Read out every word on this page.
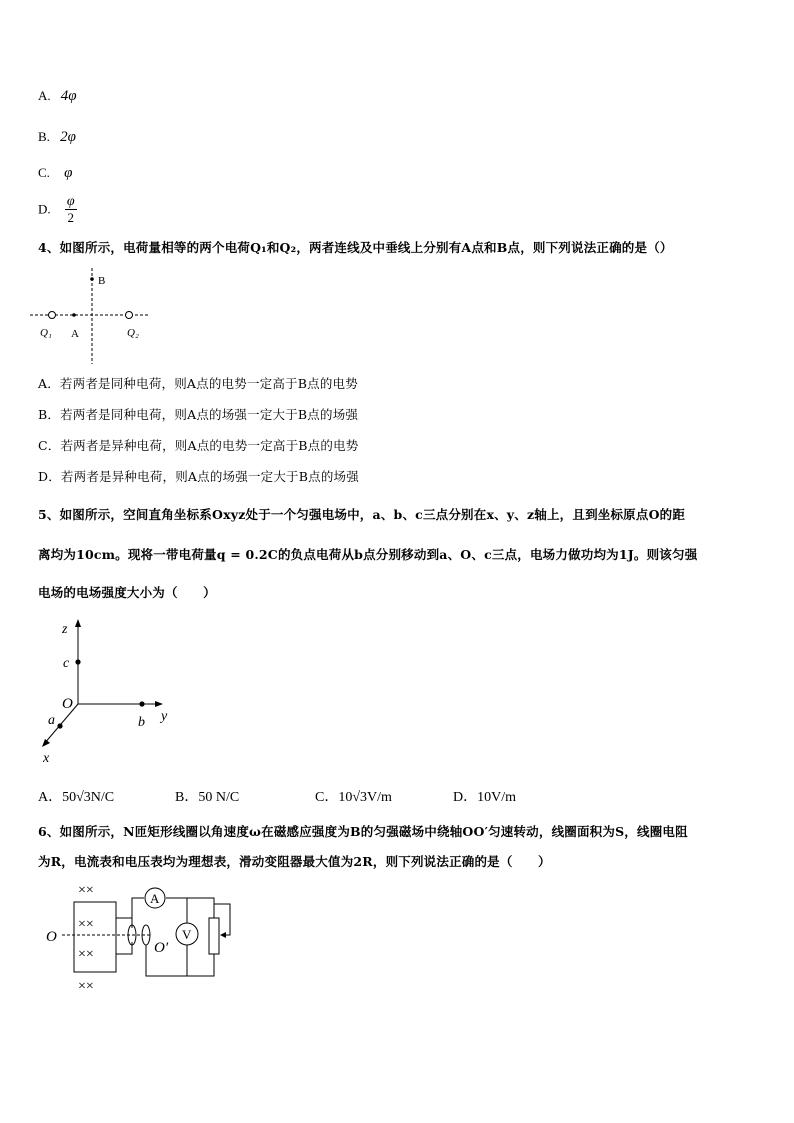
A. 4φ
B. 2φ
C. φ
D. $\frac{\varphi}{2}$
4、如图所示，电荷量相等的两个电荷Q₁和Q₂，两者连线及中垂线上分别有A点和B点，则下列说法正确的是（）
B
A
Q₁	Q₂
A．若两者是同种电荷，则A点的电势一定高于B点的电势
B．若两者是同种电荷，则A点的场强一定大于B点的场强
C．若两者是异种电荷，则A点的电势一定高于B点的电势
D．若两者是异种电荷，则A点的场强一定大于B点的场强
5、如图所示，空间直角坐标系Oxyz处于一个匀强电场中，a、b、c三点分别在x、y、z轴上，且到坐标原点O的距
离均为10cm。现将一带电荷量q = 0.2C的负点电荷从b点分别移动到a、O、c三点，电场力做功均为1J。则该匀强
电场的电场强度大小为（　　）
z
c
O
b y
a
x
A．50√3N/C	B．50 N/C	C．10√3V/m	D．10V/m
6、如图所示，N匝矩形线圈以角速度ω在磁感应强度为B的匀强磁场中绕轴OO′匀速转动，线圈面积为S，线圈电阻
为R，电流表和电压表均为理想表，滑动变阻器最大值为2R，则下列说法正确的是（　　）
××
××
××
××
O
O′
A
V
